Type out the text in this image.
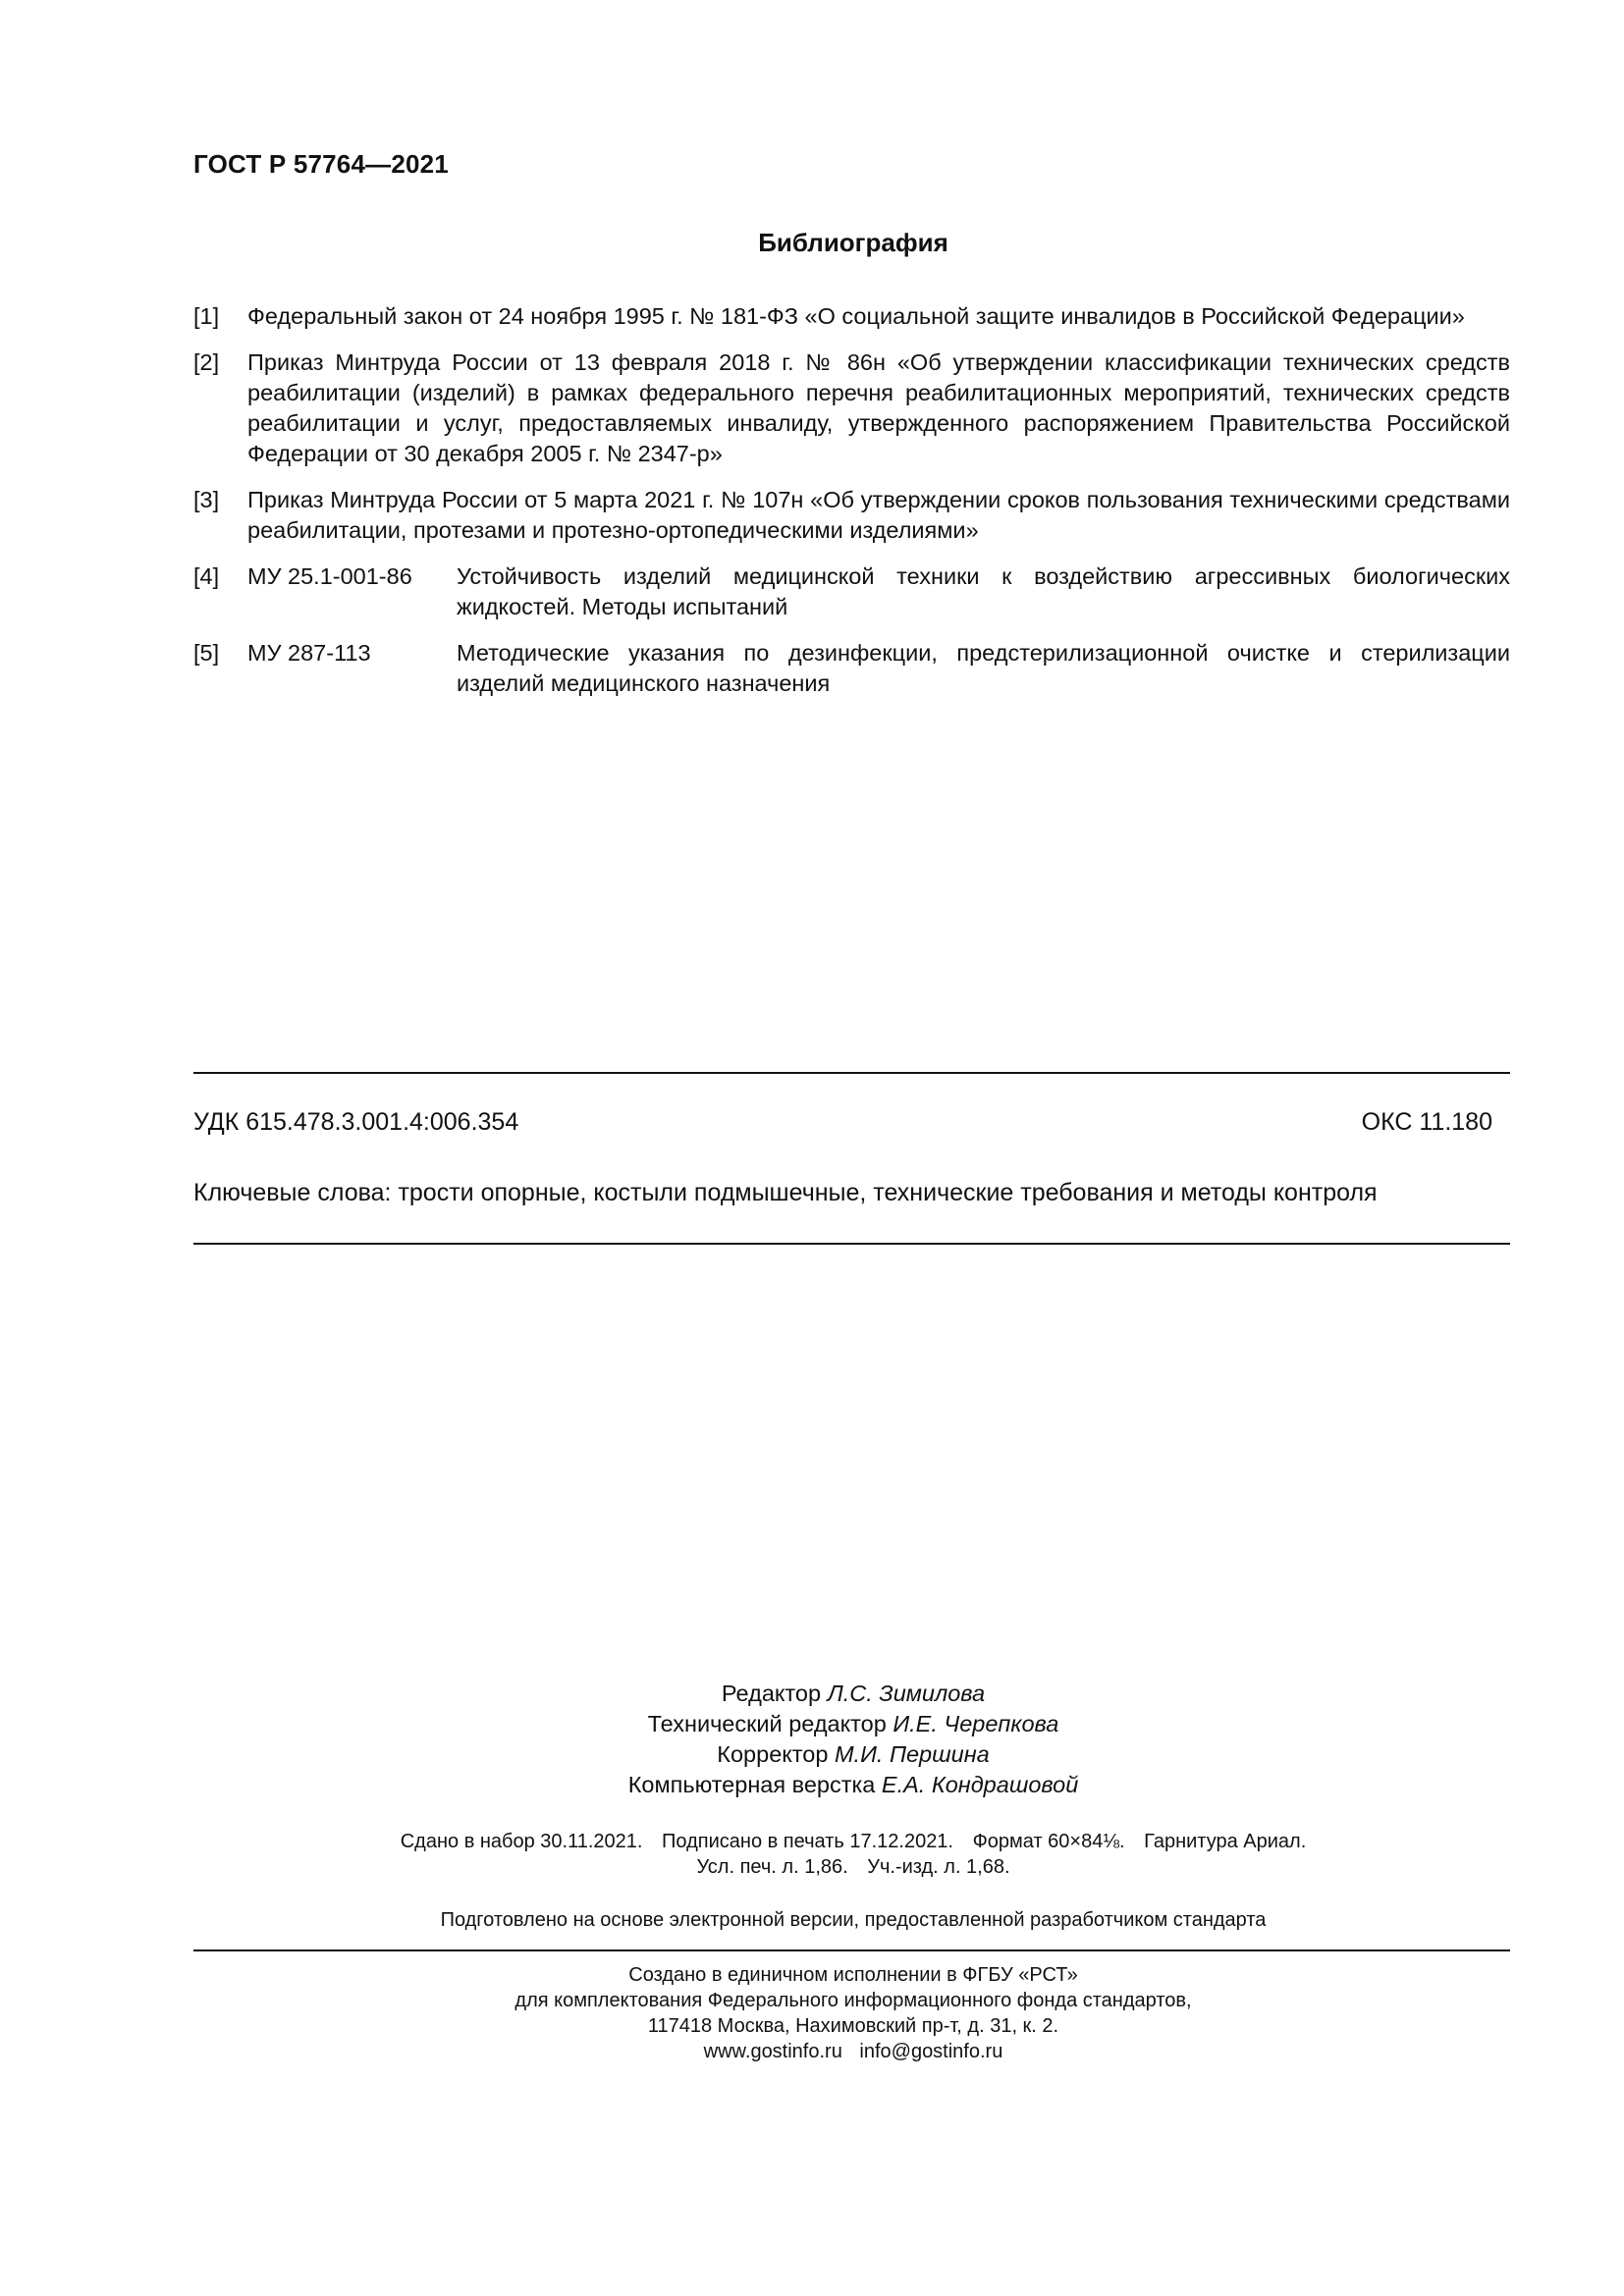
ГОСТ Р 57764—2021
Библиография
[1] Федеральный закон от 24 ноября 1995 г. № 181-ФЗ «О социальной защите инвалидов в Российской Федерации»
[2] Приказ Минтруда России от 13 февраля 2018 г. № 86н «Об утверждении классификации технических средств реабилитации (изделий) в рамках федерального перечня реабилитационных мероприятий, технических средств реабилитации и услуг, предоставляемых инвалиду, утвержденного распоряжением Правительства Российской Федерации от 30 декабря 2005 г. № 2347-р»
[3] Приказ Минтруда России от 5 марта 2021 г. № 107н «Об утверждении сроков пользования техническими средствами реабилитации, протезами и протезно-ортопедическими изделиями»
[4] МУ 25.1-001-86 Устойчивость изделий медицинской техники к воздействию агрессивных биологических жидкостей. Методы испытаний
[5] МУ 287-113	Методические указания по дезинфекции, предстерилизационной очистке и стерилизации изделий медицинского назначения
УДК 615.478.3.001.4:006.354	ОКС 11.180
Ключевые слова: трости опорные, костыли подмышечные, технические требования и методы контроля
Редактор Л.С. Зимилова
Технический редактор И.Е. Черепкова
Корректор М.И. Першина
Компьютерная верстка Е.А. Кондрашовой
Сдано в набор 30.11.2021. Подписано в печать 17.12.2021. Формат 60×84⅛. Гарнитура Ариал.
Усл. печ. л. 1,86. Уч.-изд. л. 1,68.
Подготовлено на основе электронной версии, предоставленной разработчиком стандарта
Создано в единичном исполнении в ФГБУ «РСТ»
для комплектования Федерального информационного фонда стандартов,
117418 Москва, Нахимовский пр-т, д. 31, к. 2.
www.gostinfo.ru info@gostinfo.ru
